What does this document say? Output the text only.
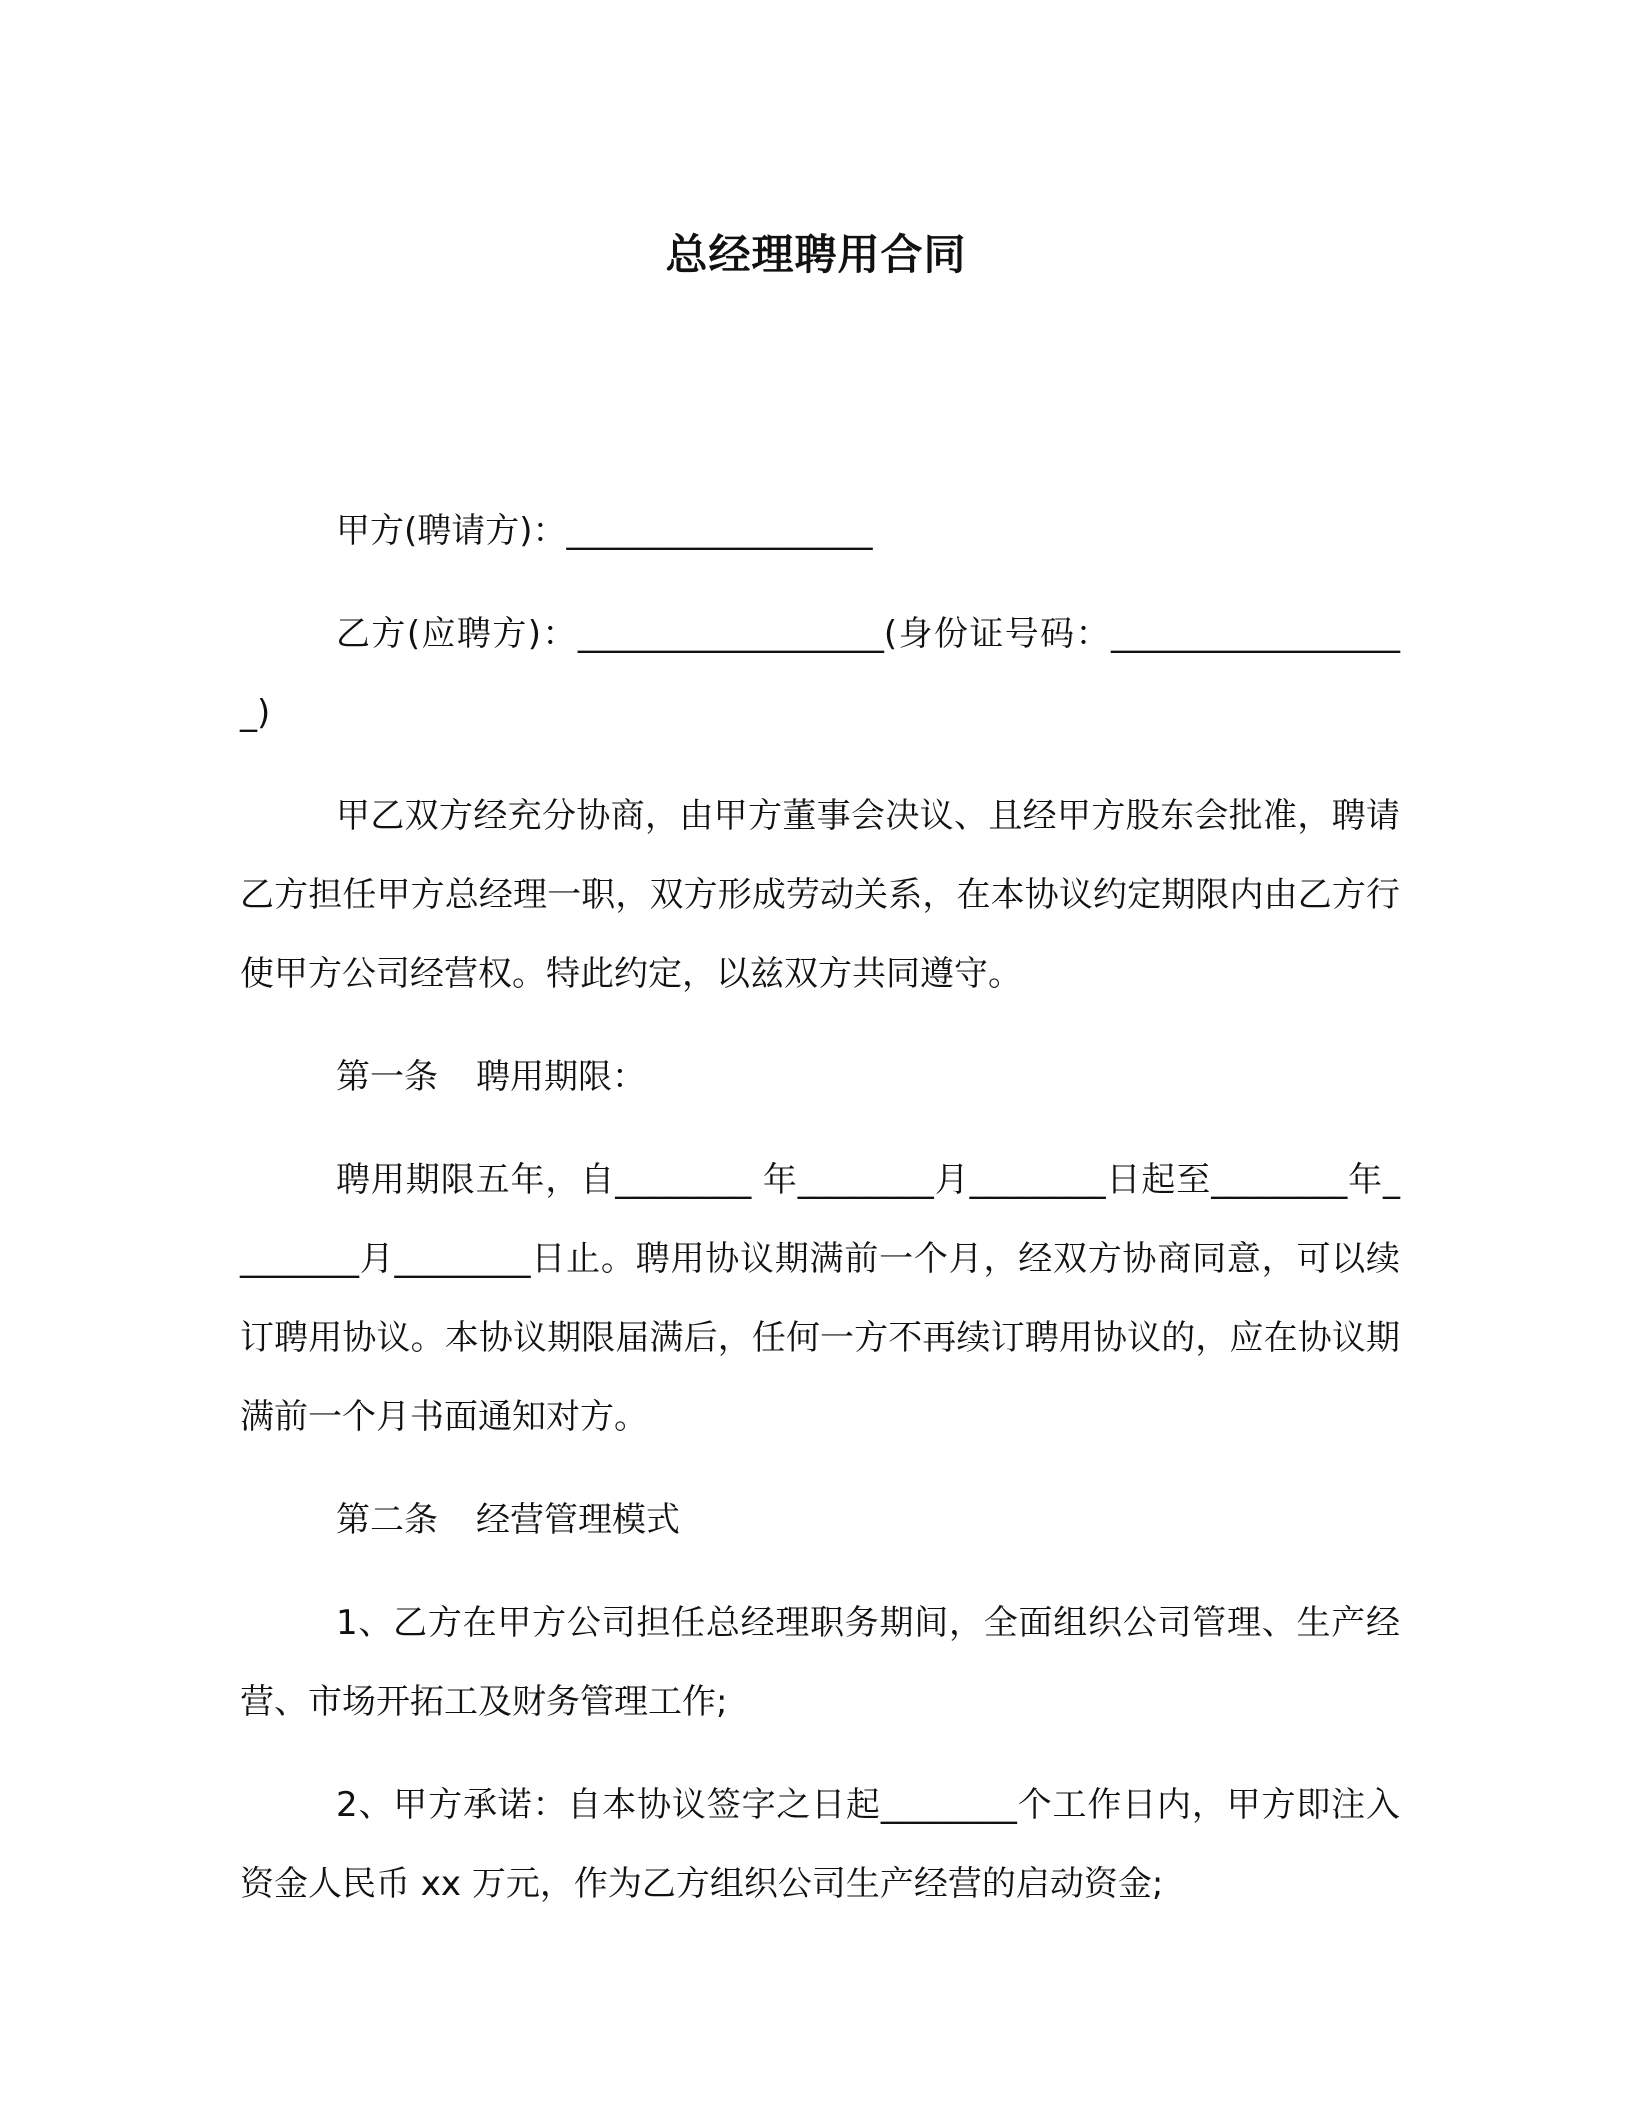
总经理聘用合同

甲方(聘请方)：__________________

乙方(应聘方)：__________________(身份证号码：__________________)

甲乙双方经充分协商，由甲方董事会决议、且经甲方股东会批准，聘请乙方担任甲方总经理一职，双方形成劳动关系，在本协议约定期限内由乙方行使甲方公司经营权。特此约定，以兹双方共同遵守。

第一条 聘用期限：

聘用期限五年，自________ 年________月________日起至________年________月________日止。聘用协议期满前一个月，经双方协商同意，可以续订聘用协议。本协议期限届满后，任何一方不再续订聘用协议的，应在协议期满前一个月书面通知对方。

第二条 经营管理模式

1、乙方在甲方公司担任总经理职务期间，全面组织公司管理、生产经营、市场开拓工及财务管理工作;

2、甲方承诺：自本协议签字之日起________个工作日内，甲方即注入资金人民币 xx 万元，作为乙方组织公司生产经营的启动资金;
